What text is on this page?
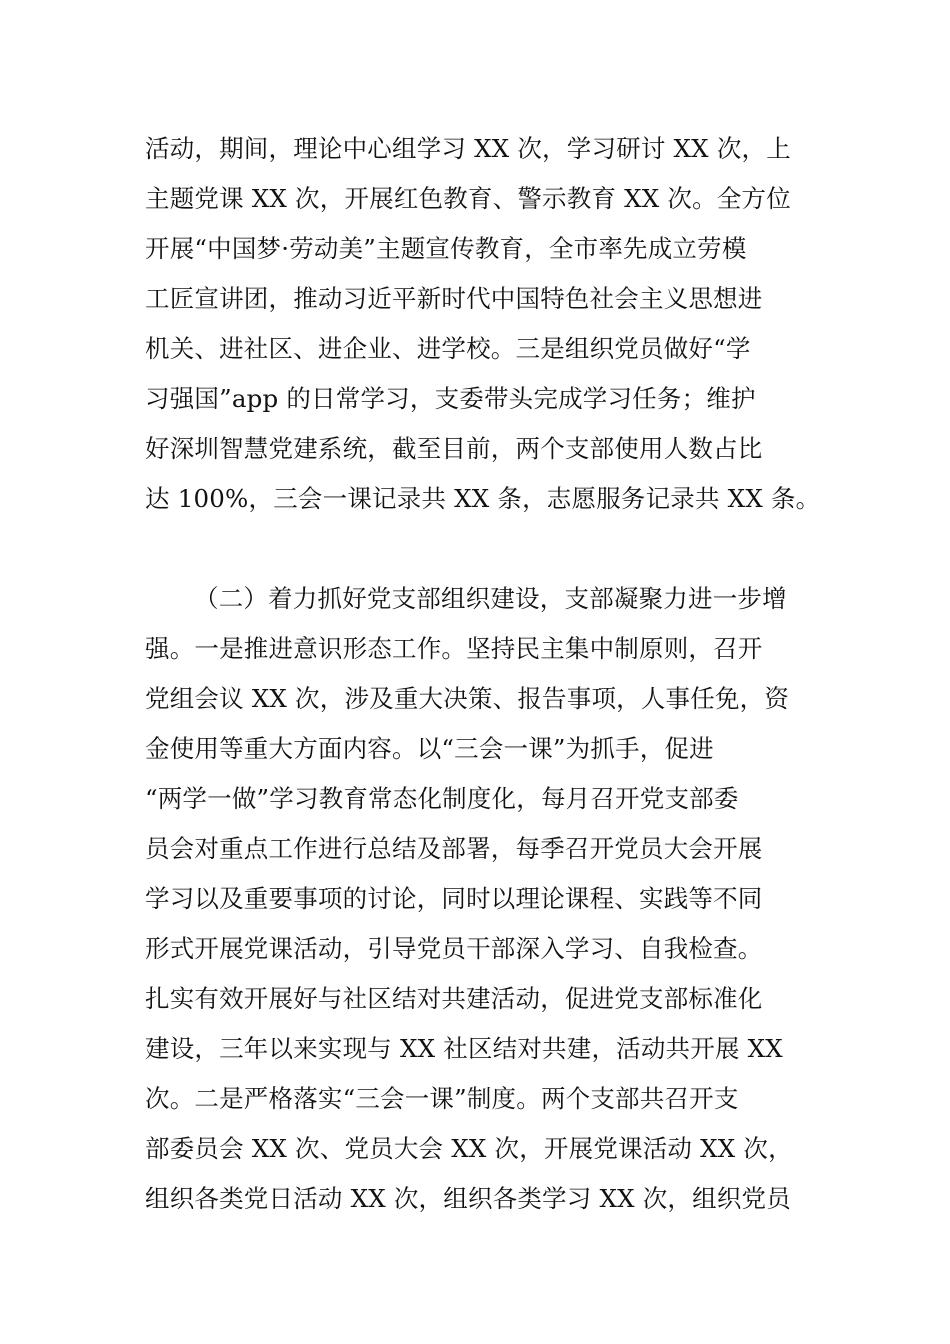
活动，期间，理论中心组学习 XX 次，学习研讨 XX 次，上
主题党课 XX 次，开展红色教育、警示教育 XX 次。全方位
开展“中国梦·劳动美”主题宣传教育，全市率先成立劳模
工匠宣讲团，推动习近平新时代中国特色社会主义思想进
机关、进社区、进企业、进学校。三是组织党员做好“学
习强国”app 的日常学习，支委带头完成学习任务；维护
好深圳智慧党建系统，截至目前，两个支部使用人数占比
达 100%，三会一课记录共 XX 条，志愿服务记录共 XX 条。
（二）着力抓好党支部组织建设，支部凝聚力进一步增
强。一是推进意识形态工作。坚持民主集中制原则，召开
党组会议 XX 次，涉及重大决策、报告事项，人事任免，资
金使用等重大方面内容。以“三会一课”为抓手，促进
“两学一做”学习教育常态化制度化，每月召开党支部委
员会对重点工作进行总结及部署，每季召开党员大会开展
学习以及重要事项的讨论，同时以理论课程、实践等不同
形式开展党课活动，引导党员干部深入学习、自我检查。
扎实有效开展好与社区结对共建活动，促进党支部标准化
建设，三年以来实现与 XX 社区结对共建，活动共开展 XX
次。二是严格落实“三会一课”制度。两个支部共召开支
部委员会 XX 次、党员大会 XX 次，开展党课活动 XX 次，
组织各类党日活动 XX 次，组织各类学习 XX 次，组织党员
